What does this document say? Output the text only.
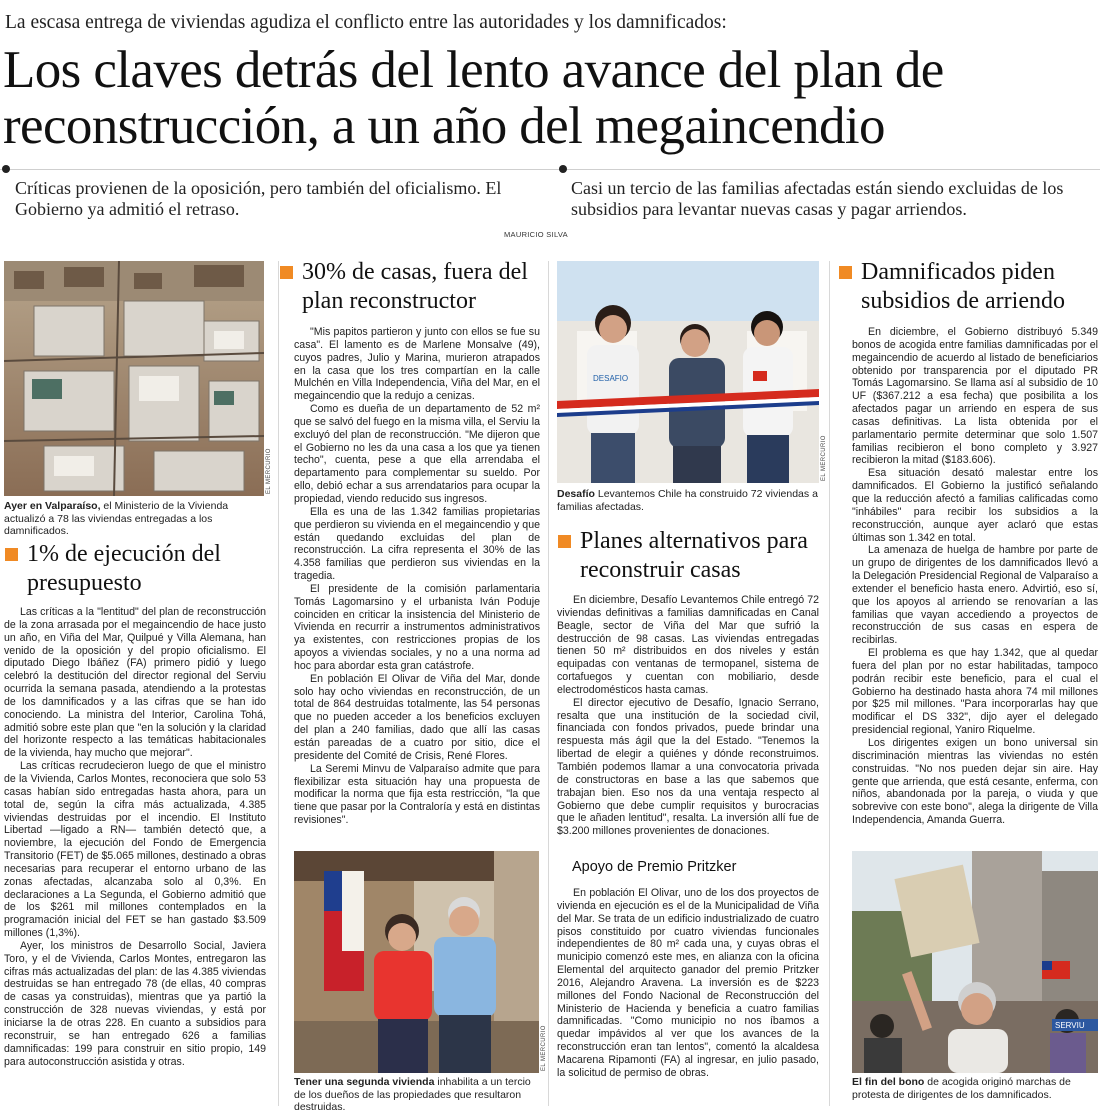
La escasa entrega de viviendas agudiza el conflicto entre las autoridades y los damnificados:
Los claves detrás del lento avance del plan de reconstrucción, a un año del megaincendio
Críticas provienen de la oposición, pero también del oficialismo. El Gobierno ya admitió el retraso.
Casi un tercio de las familias afectadas están siendo excluidas de los subsidios para levantar nuevas casas y pagar arriendos.
MAURICIO SILVA
EL MERCURIO
Ayer en Valparaíso, el Ministerio de la Vivienda actualizó a 78 las viviendas entregadas a los damnificados.
1% de ejecución del presupuesto

Las críticas a la "lentitud" del plan de reconstrucción de la zona arrasada por el megaincendio de hace justo un año, en Viña del Mar, Quilpué y Villa Alemana, han venido de la oposición y del propio oficialismo. El diputado Diego Ibáñez (FA) primero pidió y luego celebró la destitución del director regional del Serviu ocurrida la semana pasada, atendiendo a la protestas de los damnificados y a las cifras que se han ido conociendo. La ministra del Interior, Carolina Tohá, admitió sobre este plan que "en la solución y la claridad del horizonte respecto a las temáticas habitacionales de la vivienda, hay mucho que mejorar".

Las críticas recrudecieron luego de que el ministro de la Vivienda, Carlos Montes, reconociera que solo 53 casas habían sido entregadas hasta ahora, para un total de, según la cifra más actualizada, 4.385 viviendas destruidas por el incendio. El Instituto Libertad —ligado a RN— también detectó que, a noviembre, la ejecución del Fondo de Emergencia Transitorio (FET) de $5.065 millones, destinado a obras necesarias para recuperar el entorno urbano de las zonas afectadas, alcanzaba solo al 0,3%. En declaraciones a La Segunda, el Gobierno admitió que de los $261 mil millones contemplados en la programación inicial del FET se han gastado $3.509 millones (1,3%).

Ayer, los ministros de Desarrollo Social, Javiera Toro, y el de Vivienda, Carlos Montes, entregaron las cifras más actualizadas del plan: de las 4.385 viviendas destruidas se han entregado 78 (de ellas, 40 compras de casas ya construidas), mientras que ya partió la construcción de 328 nuevas viviendas, y está por iniciarse la de otras 228. En cuanto a subsidios para reconstruir, se han entregado 626 a familias damnificadas: 199 para construir en sitio propio, 149 para autoconstrucción asistida y otras.

30% de casas, fuera del plan reconstructor

"Mis papitos partieron y junto con ellos se fue su casa". El lamento es de Marlene Monsalve (49), cuyos padres, Julio y Marina, murieron atrapados en la casa que los tres compartían en la calle Mulchén en Villa Independencia, Viña del Mar, en el megaincendio que la redujo a cenizas.

Como es dueña de un departamento de 52 m² que se salvó del fuego en la misma villa, el Serviu la excluyó del plan de reconstrucción. "Me dijeron que el Gobierno no les da una casa a los que ya tienen techo", cuenta, pese a que ella arrendaba el departamento para complementar su sueldo. Por ello, debió echar a sus arrendatarios para ocupar la propiedad, viendo reducido sus ingresos.

Ella es una de las 1.342 familias propietarias que perdieron su vivienda en el megaincendio y que están quedando excluidas del plan de reconstrucción. La cifra representa el 30% de las 4.358 familias que perdieron sus viviendas en la tragedia.

El presidente de la comisión parlamentaria Tomás Lagomarsino y el urbanista Iván Poduje coinciden en criticar la insistencia del Ministerio de Vivienda en recurrir a instrumentos administrativos ya existentes, con restricciones propias de los apoyos a viviendas sociales, y no a una norma ad hoc para abordar esta gran catástrofe.

En población El Olivar de Viña del Mar, donde solo hay ocho viviendas en reconstrucción, de un total de 864 destruidas totalmente, las 54 personas que no pueden acceder a los beneficios excluyen del plan a 240 familias, dado que allí las casas están pareadas de a cuatro por sitio, dice el presidente del Comité de Crisis, René Flores.

La Seremi Minvu de Valparaíso admite que para flexibilizar esta situación hay una propuesta de modificar la norma que fija esta restricción, "la que tiene que pasar por la Contraloría y está en distintas revisiones".

EL MERCURIO
Tener una segunda vivienda inhabilita a un tercio de los dueños de las propiedades que resultaron destruidas.
DESAFIO
EL MERCURIO
Desafío Levantemos Chile ha construido 72 viviendas a familias afectadas.
Planes alternativos para reconstruir casas

En diciembre, Desafío Levantemos Chile entregó 72 viviendas definitivas a familias damnificadas en Canal Beagle, sector de Viña del Mar que sufrió la destrucción de 98 casas. Las viviendas entregadas tienen 50 m² distribuidos en dos niveles y están equipadas con ventanas de termopanel, sistema de cortafuegos y cuentan con mobiliario, desde electrodomésticos hasta camas.

El director ejecutivo de Desafío, Ignacio Serrano, resalta que una institución de la sociedad civil, financiada con fondos privados, puede brindar una respuesta más ágil que la del Estado. "Tenemos la libertad de elegir a quiénes y dónde reconstruimos. También podemos llamar a una convocatoria privada de constructoras en base a las que sabemos que trabajan bien. Eso nos da una ventaja respecto al Gobierno que debe cumplir requisitos y burocracias que le añaden lentitud", resalta. La inversión allí fue de $3.200 millones provenientes de donaciones.

Apoyo de Premio Pritzker

En población El Olivar, uno de los dos proyectos de vivienda en ejecución es el de la Municipalidad de Viña del Mar. Se trata de un edificio industrializado de cuatro pisos constituido por cuatro viviendas funcionales independientes de 80 m² cada una, y cuyas obras el municipio comenzó este mes, en alianza con la oficina Elemental del arquitecto ganador del premio Pritzker 2016, Alejandro Aravena. La inversión es de $223 millones del Fondo Nacional de Reconstrucción del Ministerio de Hacienda y beneficia a cuatro familias damnificadas. "Como municipio no nos íbamos a quedar impávidos al ver que los avances de la reconstrucción eran tan lentos", comentó la alcaldesa Macarena Ripamonti (FA) al ingresar, en julio pasado, la solicitud de permiso de obras.

Damnificados piden subsidios de arriendo

En diciembre, el Gobierno distribuyó 5.349 bonos de acogida entre familias damnificadas por el megaincendio de acuerdo al listado de beneficiarios obtenido por transparencia por el diputado PR Tomás Lagomarsino. Se llama así al subsidio de 10 UF ($367.212 a esa fecha) que posibilita a los afectados pagar un arriendo en espera de sus casas definitivas. La lista obtenida por el parlamentario permite determinar que solo 1.507 familias recibieron el bono completo y 3.927 recibieron la mitad ($183.606).

Esa situación desató malestar entre los damnificados. El Gobierno la justificó señalando que la reducción afectó a familias calificadas como "inhábiles" para recibir los subsidios a la reconstrucción, aunque ayer aclaró que estas últimas son 1.342 en total.

La amenaza de huelga de hambre por parte de un grupo de dirigentes de los damnificados llevó a la Delegación Presidencial Regional de Valparaíso a extender el beneficio hasta enero. Advirtió, eso sí, que los apoyos al arriendo se renovarían a las familias que vayan accediendo a proyectos de reconstrucción de sus casas en espera de recibirlas.

El problema es que hay 1.342, que al quedar fuera del plan por no estar habilitadas, tampoco podrán recibir este beneficio, para el cual el Gobierno ha destinado hasta ahora 74 mil millones por $25 mil millones. "Para incorporarlas hay que modificar el DS 332", dijo ayer el delegado presidencial regional, Yaniro Riquelme.

Los dirigentes exigen un bono universal sin discriminación mientras las viviendas no estén construidas. "No nos pueden dejar sin aire. Hay gente que arrienda, que está cesante, enferma, con niños, abandonada por la pareja, o viuda y que sobrevive con este bono", alega la dirigente de Villa Independencia, Amanda Guerra.

SERVIU
El fin del bono de acogida originó marchas de protesta de dirigentes de los damnificados.
